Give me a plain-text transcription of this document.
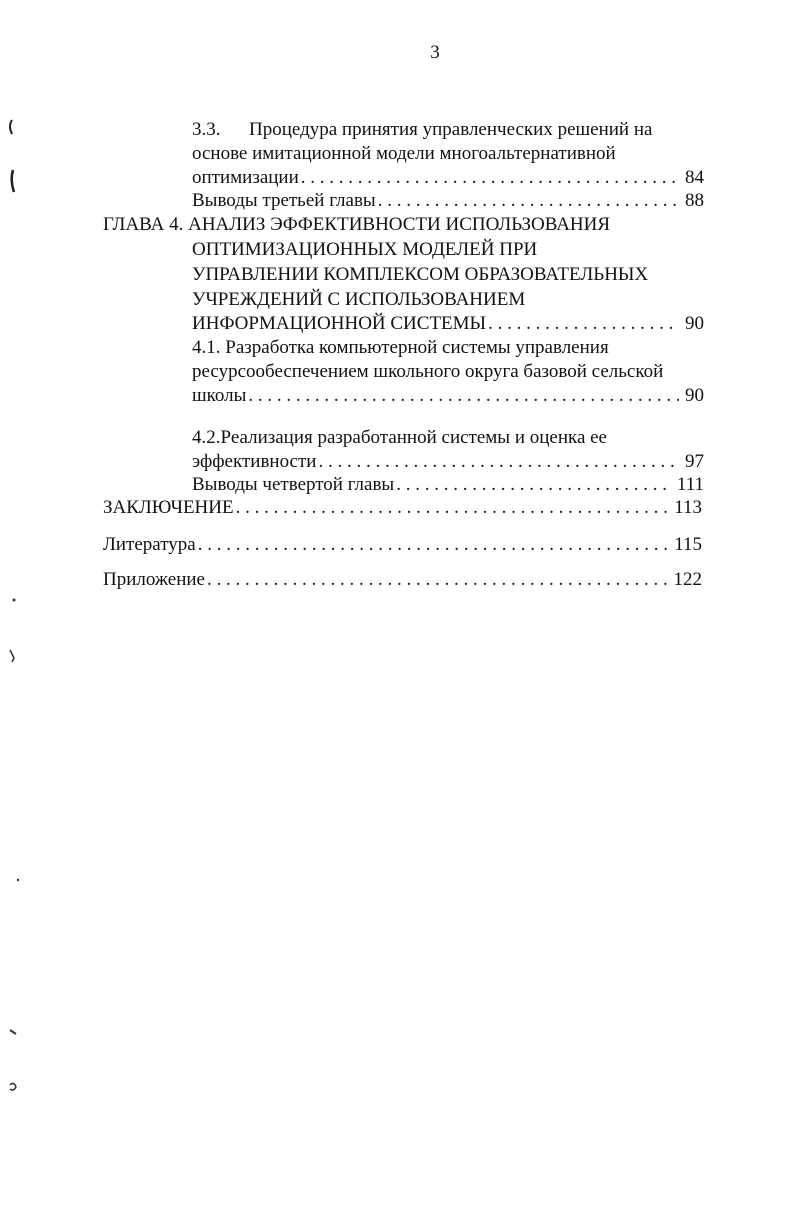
3
3.3. Процедура принятия управленческих решений на
основе имитационной модели многоальтернативной
оптимизации . . .	84
Выводы третьей главы . . .	88
ГЛАВА 4. АНАЛИЗ ЭФФЕКТИВНОСТИ ИСПОЛЬЗОВАНИЯ
ОПТИМИЗАЦИОННЫХ МОДЕЛЕЙ ПРИ
УПРАВЛЕНИИ КОМПЛЕКСОМ ОБРАЗОВАТЕЛЬНЫХ
УЧРЕЖДЕНИЙ С ИСПОЛЬЗОВАНИЕМ
ИНФОРМАЦИОННОЙ СИСТЕМЫ . . .	90
4.1. Разработка компьютерной системы управления
ресурсообеспечением школьного округа базовой сельской
школы . . .	90
4.2.Реализация разработанной системы и оценка ее
эффективности . . .	97
Выводы четвертой главы . . .	111
ЗАКЛЮЧЕНИЕ . . .	113
Литература . . .	115
Приложение . . .	122
